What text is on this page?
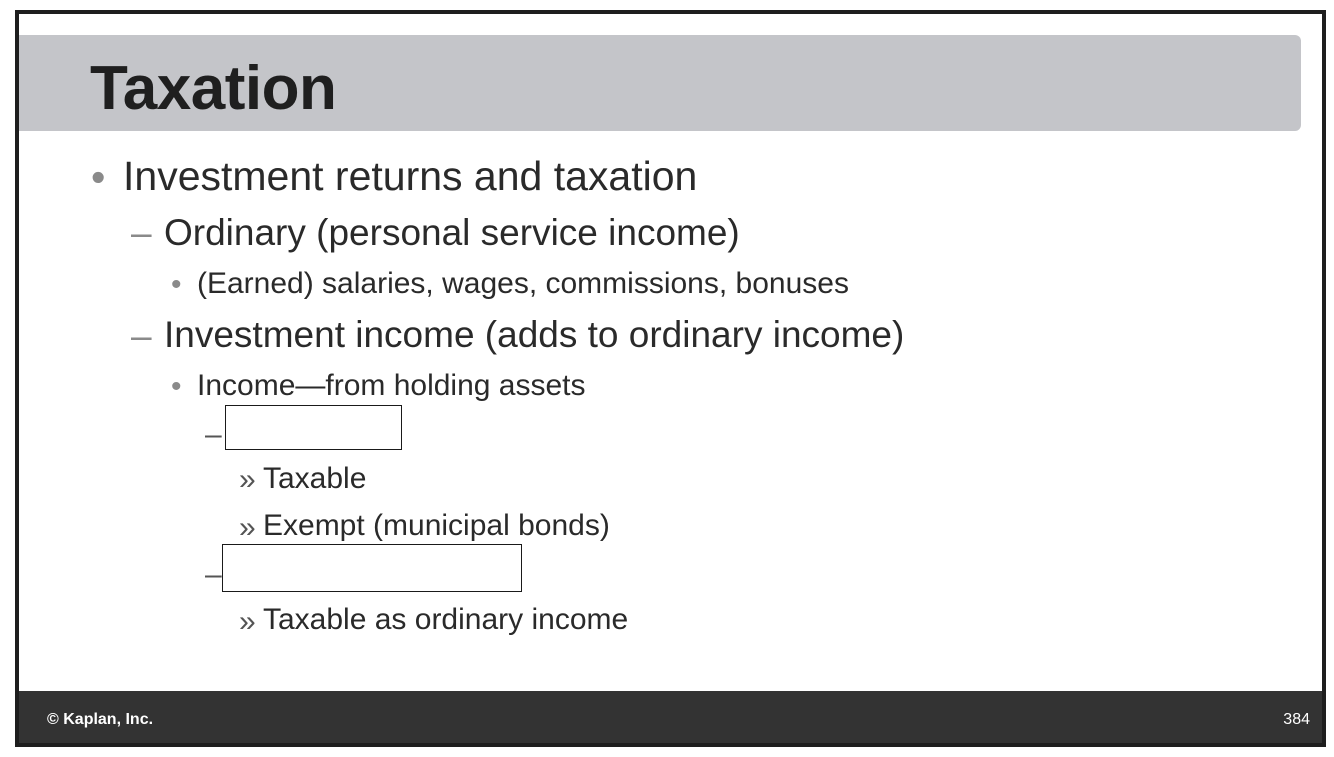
Taxation
• Investment returns and taxation
– Ordinary (personal service income)
• (Earned) salaries, wages, commissions, bonuses
– Investment income (adds to ordinary income)
• Income—from holding assets
–
» Taxable
» Exempt (municipal bonds)
–
» Taxable as ordinary income
© Kaplan, Inc.	384
